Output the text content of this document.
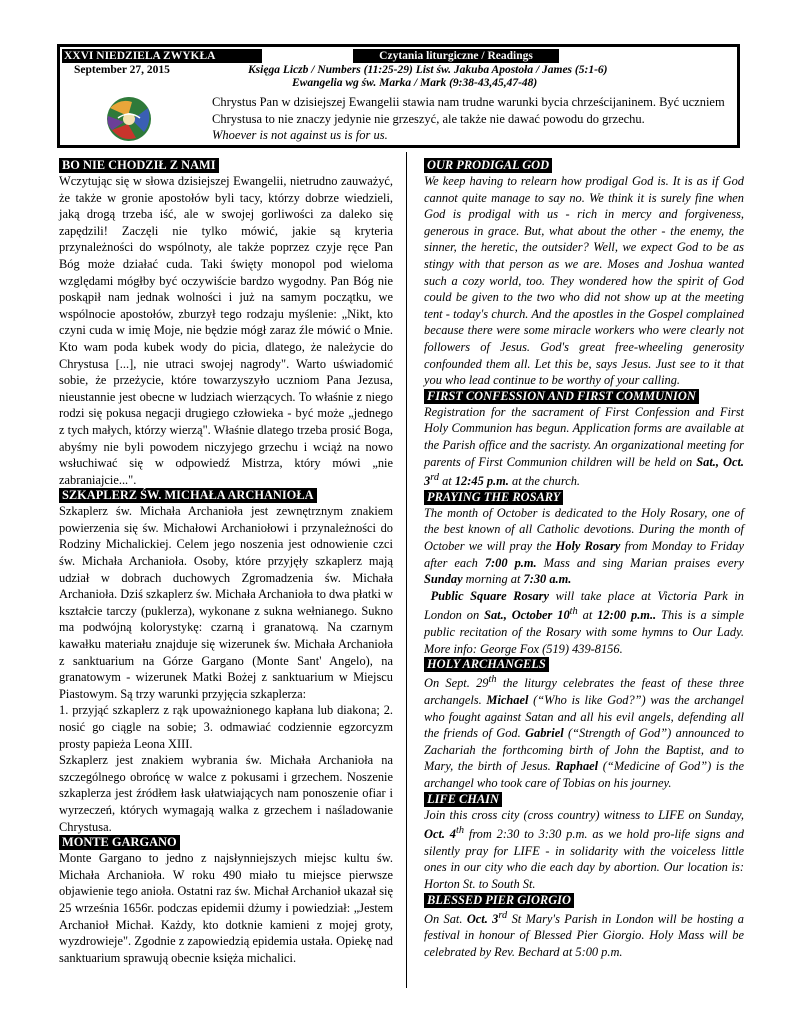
XXVI NIEDZIELA ZWYKŁA	Czytania liturgiczne / Readings
September 27, 2015	Księga Liczb / Numbers (11:25-29) List św. Jakuba Apostoła / James (5:1-6)
Ewangelia wg św. Marka / Mark (9:38-43,45,47-48)
Chrystus Pan w dzisiejszej Ewangelii stawia nam trudne warunki bycia chrześcijaninem. Być uczniem Chrystusa to nie znaczy jedynie nie grzeszyć, ale także nie dawać powodu do grzechu.
Whoever is not against us is for us.
BO NIE CHODZIŁ Z NAMI

Wczytując się w słowa dzisiejszej Ewangelii, nietrudno zauważyć, że także w gronie apostołów byli tacy, którzy dobrze wiedzieli, jaką drogą trzeba iść, ale w swojej gorliwości za daleko się zapędzili! Zaczęli nie tylko mówić, jakie są kryteria przynależności do wspólnoty, ale także poprzez czyje ręce Pan Bóg może działać cuda. Taki święty monopol pod wieloma względami mógłby być oczywiście bardzo wygodny. Pan Bóg nie poskąpił nam jednak wolności i już na samym początku, we wspólnocie apostołów, zburzył tego rodzaju myślenie: „Nikt, kto czyni cuda w imię Moje, nie będzie mógł zaraz źle mówić o Mnie. Kto wam poda kubek wody do picia, dlatego, że należycie do Chrystusa [...], nie utraci swojej nagrody". Warto uświadomić sobie, że przeżycie, które towarzyszyło uczniom Pana Jezusa, nieustannie jest obecne w ludziach wierzących. To właśnie z niego rodzi się pokusa negacji drugiego człowieka - być może „jednego z tych małych, którzy wierzą". Właśnie dlatego trzeba prosić Boga, abyśmy nie byli powodem niczyjego grzechu i wciąż na nowo wsłuchiwać się w odpowiedź Mistrza, który mówi „nie zabraniajcie...".

SZKAPLERZ ŚW. MICHAŁA ARCHANIOŁA

Szkaplerz św. Michała Archanioła jest zewnętrznym znakiem powierzenia się św. Michałowi Archaniołowi i przynależności do Rodziny Michalickiej. Celem jego noszenia jest odnowienie czci św. Michała Archanioła. Osoby, które przyjęły szkaplerz mają udział w dobrach duchowych Zgromadzenia św. Michała Archanioła. Dziś szkaplerz św. Michała Archanioła to dwa płatki w kształcie tarczy (puklerza), wykonane z sukna wełnianego. Sukno ma podwójną kolorystykę: czarną i granatową. Na czarnym kawałku materiału znajduje się wizerunek św. Michała Archanioła z sanktuarium na Górze Gargano (Monte Sant' Angelo), na granatowym - wizerunek Matki Bożej z sanktuarium w Miejscu Piastowym. Są trzy warunki przyjęcia szkaplerza:

1. przyjąć szkaplerz z rąk upoważnionego kapłana lub diakona; 2. nosić go ciągle na sobie; 3. odmawiać codziennie egzorcyzm prosty papieża Leona XIII.

Szkaplerz jest znakiem wybrania św. Michała Archanioła na szczególnego obrońcę w walce z pokusami i grzechem. Noszenie szkaplerza jest źródłem łask ułatwiających nam ponoszenie ofiar i wyrzeczeń, których wymagają walka z grzechem i naśladowanie Chrystusa.

MONTE GARGANO

Monte Gargano to jedno z najsłynniejszych miejsc kultu św. Michała Archanioła. W roku 490 miało tu miejsce pierwsze objawienie tego anioła. Ostatni raz św. Michał Archanioł ukazał się 25 września 1656r. podczas epidemii dżumy i powiedział: „Jestem Archanioł Michał. Każdy, kto dotknie kamieni z mojej groty, wyzdrowieje". Zgodnie z zapowiedzią epidemia ustała. Opiekę nad sanktuarium sprawują obecnie księża michalici.

OUR PRODIGAL GOD

We keep having to relearn how prodigal God is. It is as if God cannot quite manage to say no. We think it is surely fine when God is prodigal with us - rich in mercy and forgiveness, generous in grace. But, what about the other - the enemy, the sinner, the heretic, the outsider? Well, we expect God to be as stingy with that person as we are. Moses and Joshua wanted such a cozy world, too. They wondered how the spirit of God could be given to the two who did not show up at the meeting tent - today's church. And the apostles in the Gospel complained because there were some miracle workers who were clearly not followers of Jesus. God's great free-wheeling generosity confounded them all. Let this be, says Jesus. Just see to it that you who lead continue to be worthy of your calling.

FIRST CONFESSION AND FIRST COMMUNION

Registration for the sacrament of First Confession and First Holy Communion has begun. Application forms are available at the Parish office and the sacristy. An organizational meeting for parents of First Communion children will be held on Sat., Oct. 3rd at 12:45 p.m. at the church.

PRAYING THE ROSARY

The month of October is dedicated to the Holy Rosary, one of the best known of all Catholic devotions. During the month of October we will pray the Holy Rosary from Monday to Friday after each 7:00 p.m. Mass and sing Marian praises every Sunday morning at 7:30 a.m.

Public Square Rosary will take place at Victoria Park in London on Sat., October 10th at 12:00 p.m.. This is a simple public recitation of the Rosary with some hymns to Our Lady. More info: George Fox (519) 439-8156.

HOLY ARCHANGELS

On Sept. 29th the liturgy celebrates the feast of these three archangels. Michael (“Who is like God?”) was the archangel who fought against Satan and all his evil angels, defending all the friends of God. Gabriel (“Strength of God”) announced to Zachariah the forthcoming birth of John the Baptist, and to Mary, the birth of Jesus. Raphael (“Medicine of God”) is the archangel who took care of Tobias on his journey.

LIFE CHAIN

Join this cross city (cross country) witness to LIFE on Sunday, Oct. 4th from 2:30 to 3:30 p.m. as we hold pro-life signs and silently pray for LIFE - in solidarity with the voiceless little ones in our city who die each day by abortion. Our location is: Horton St. to South St.

BLESSED PIER GIORGIO

On Sat. Oct. 3rd St Mary's Parish in London will be hosting a festival in honour of Blessed Pier Giorgio. Holy Mass will be celebrated by Rev. Bechard at 5:00 p.m.
